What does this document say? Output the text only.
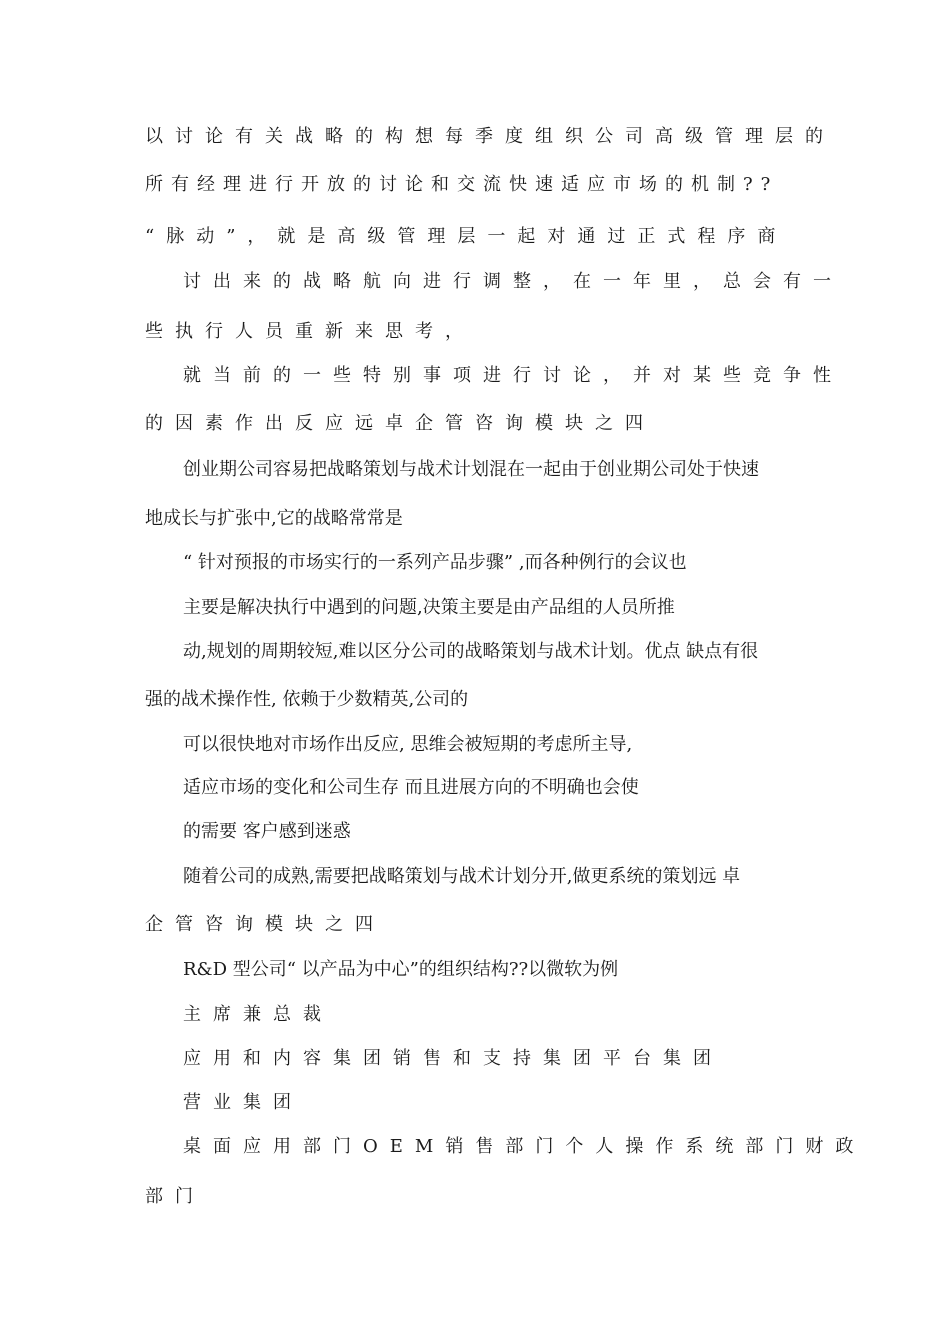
以讨论有关战略的构想每季度组织公司高级管理层的
所有经理进行开放的讨论和交流快速适应市场的机制??
“脉动”，就是高级管理层一起对通过正式程序商
讨出来的战略航向进行调整，在一年里，总会有一
些执行人员重新来思考，
就当前的一些特别事项进行讨论，并对某些竞争性
的因素作出反应远卓企管咨询模块之四
创业期公司容易把战略策划与战术计划混在一起由于创业期公司处于快速
地成长与扩张中,它的战略常常是
“ 针对预报的市场实行的一系列产品步骤” ,而各种例行的会议也
主要是解决执行中遇到的问题,决策主要是由产品组的人员所推
动,规划的周期较短,难以区分公司的战略策划与战术计划。优点 缺点有很
强的战术操作性, 依赖于少数精英,公司的
可以很快地对市场作出反应, 思维会被短期的考虑所主导,
适应市场的变化和公司生存 而且进展方向的不明确也会使
的需要 客户感到迷惑
随着公司的成熟,需要把战略策划与战术计划分开,做更系统的策划远 卓
企管咨询模块之四
R&D 型公司“ 以产品为中心”的组织结构??以微软为例
主席兼总裁
应用和内容集团销售和支持集团平台集团
营业集团
桌面应用部门OEM销售部门个人操作系统部门财政
部门
